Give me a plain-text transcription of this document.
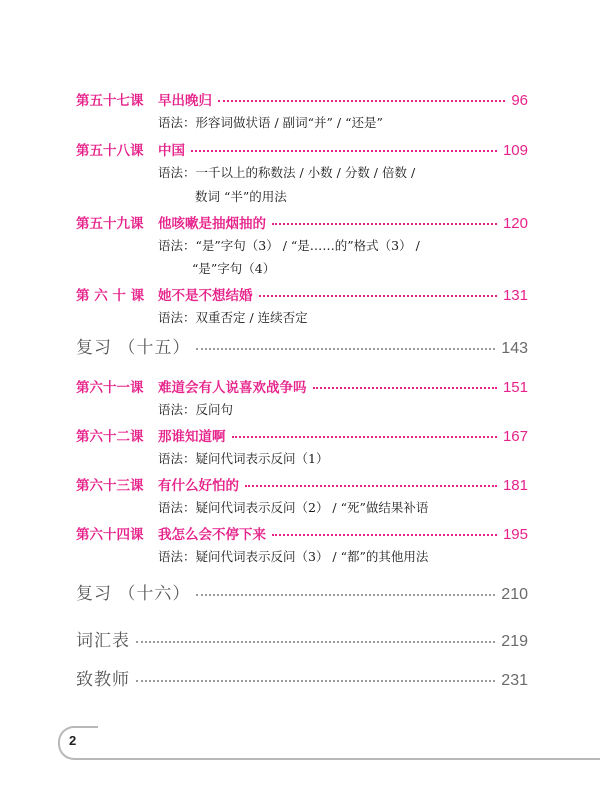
第五十七课	早出晚归	96
语法：形容词做状语 / 副词“并” / “还是”
第五十八课	中国	109
语法：一千以上的称数法 / 小数 / 分数 / 倍数 /
数词 “半”的用法
第五十九课	他咳嗽是抽烟抽的	120
语法：“是”字句（3） / “是……的”格式（3） /
“是”字句（4）
第 六 十 课	她不是不想结婚	131
语法：双重否定 / 连续否定
复习 （十五）	143
第六十一课	难道会有人说喜欢战争吗	151
语法：反问句
第六十二课	那谁知道啊	167
语法：疑问代词表示反问（1）
第六十三课	有什么好怕的	181
语法：疑问代词表示反问（2） / “死”做结果补语
第六十四课	我怎么会不停下来	195
语法：疑问代词表示反问（3） / “都”的其他用法
复习 （十六）	210
词汇表	219
致教师	231
2
